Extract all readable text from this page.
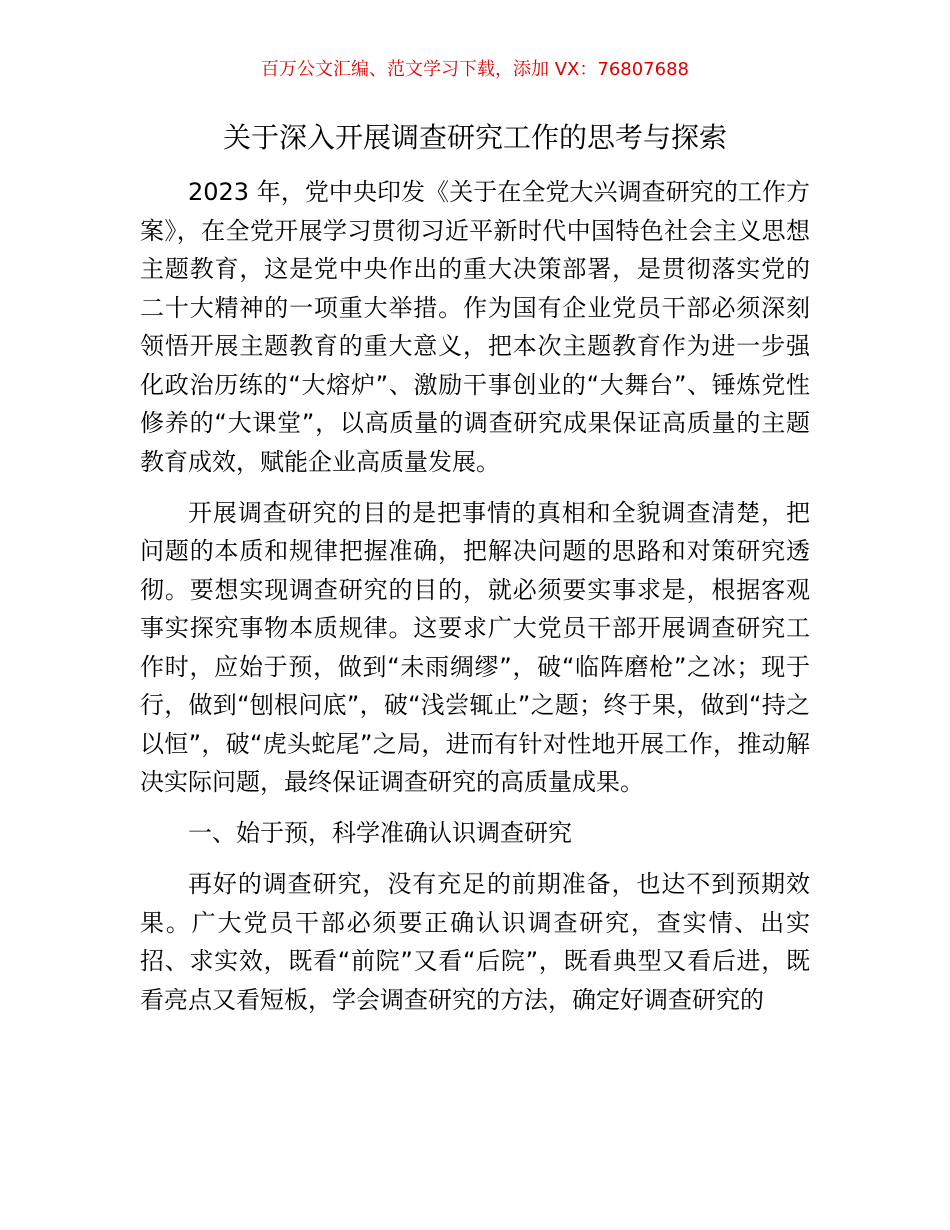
百万公文汇编、范文学习下载，添加 VX：76807688
关于深入开展调查研究工作的思考与探索

2023 年，党中央印发《关于在全党大兴调查研究的工作方案》，在全党开展学习贯彻习近平新时代中国特色社会主义思想主题教育，这是党中央作出的重大决策部署，是贯彻落实党的二十大精神的一项重大举措。作为国有企业党员干部必须深刻领悟开展主题教育的重大意义，把本次主题教育作为进一步强化政治历练的“大熔炉”、激励干事创业的“大舞台”、锤炼党性修养的“大课堂”，以高质量的调查研究成果保证高质量的主题教育成效，赋能企业高质量发展。

开展调查研究的目的是把事情的真相和全貌调查清楚，把问题的本质和规律把握准确，把解决问题的思路和对策研究透彻。要想实现调查研究的目的，就必须要实事求是，根据客观事实探究事物本质规律。这要求广大党员干部开展调查研究工作时，应始于预，做到“未雨绸缪”，破“临阵磨枪”之冰；现于行，做到“刨根问底”，破“浅尝辄止”之题；终于果，做到“持之以恒”，破“虎头蛇尾”之局，进而有针对性地开展工作，推动解决实际问题，最终保证调查研究的高质量成果。

一、始于预，科学准确认识调查研究

再好的调查研究，没有充足的前期准备，也达不到预期效果。广大党员干部必须要正确认识调查研究，查实情、出实招、求实效，既看“前院”又看“后院”，既看典型又看后进，既看亮点又看短板，学会调查研究的方法，确定好调查研究的
